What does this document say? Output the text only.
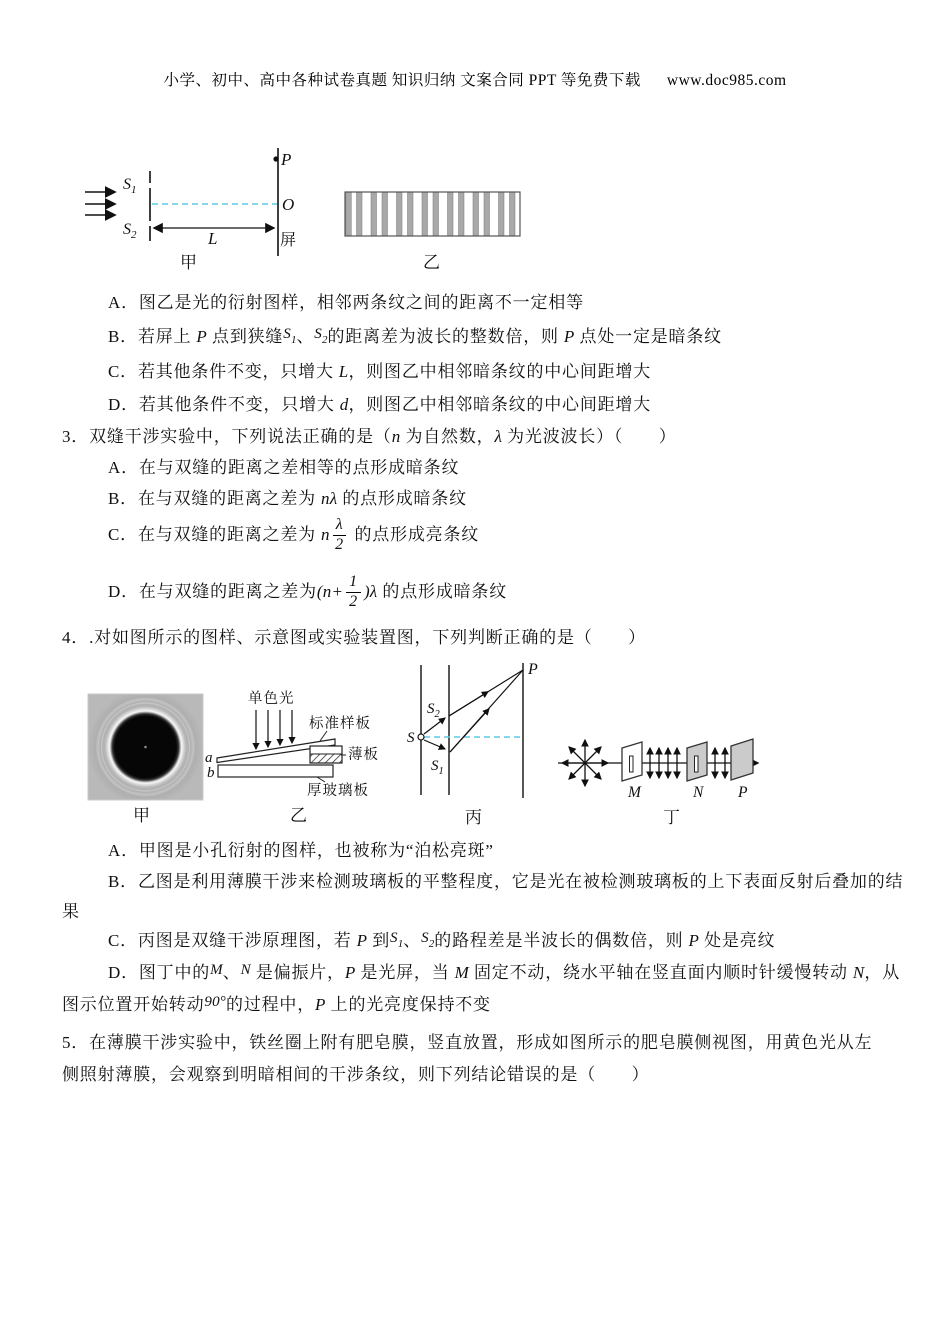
小学、初中、高中各种试卷真题 知识归纳 文案合同 PPT 等免费下载 www.doc985.com
$S_1$
$S_2$
P
O
L	屏
甲	乙
A．图乙是光的衍射图样，相邻两条纹之间的距离不一定相等
B．若屏上 P 点到狭缝S1、S2的距离差为波长的整数倍，则 P 点处一定是暗条纹
C．若其他条件不变，只增大 L，则图乙中相邻暗条纹的中心间距增大
D．若其他条件不变，只增大 d，则图乙中相邻暗条纹的中心间距增大
3．双缝干涉实验中，下列说法正确的是（n 为自然数，λ 为光波波长）（　　）
A．在与双缝的距离之差相等的点形成暗条纹
B．在与双缝的距离之差为 nλ 的点形成暗条纹
C．在与双缝的距离之差为 n $\frac{\lambda}{2}$ 的点形成亮条纹
D．在与双缝的距离之差为 $(n+ \frac{1}{2} )\lambda$ 的点形成暗条纹
4．.对如图所示的图样、示意图或实验装置图，下列判断正确的是（　　）
甲
单色光
标准样板
薄板
厚玻璃板
a
b
乙
S
$S_2$
$S_1$
P
丙
M	N P
丁
A．甲图是小孔衍射的图样，也被称为“泊松亮斑”
B．乙图是利用薄膜干涉来检测玻璃板的平整程度，它是光在被检测玻璃板的上下表面反射后叠加的结
果
C．丙图是双缝干涉原理图，若 P 到S1、S2的路程差是半波长的偶数倍，则 P 处是亮纹
D．图丁中的M、N 是偏振片，P 是光屏，当 M 固定不动，绕水平轴在竖直面内顺时针缓慢转动 N，从
图示位置开始转动90°的过程中，P 上的光亮度保持不变
5．在薄膜干涉实验中，铁丝圈上附有肥皂膜，竖直放置，形成如图所示的肥皂膜侧视图，用黄色光从左
侧照射薄膜，会观察到明暗相间的干涉条纹，则下列结论错误的是（　　）
